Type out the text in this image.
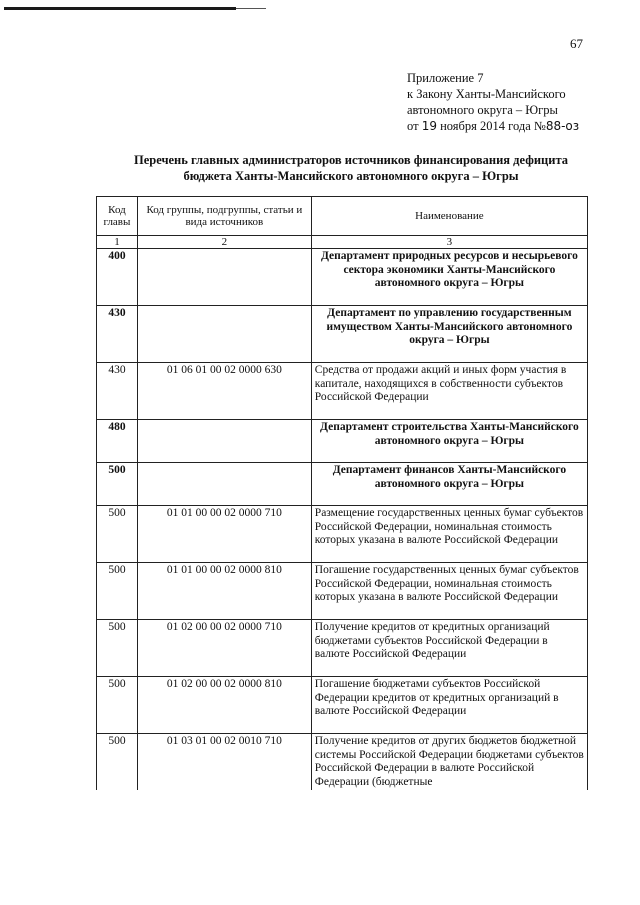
67
Приложение 7
к Закону Ханты-Мансийского
автономного округа – Югры
от 19 ноября 2014 года №88-оз
Перечень главных администраторов источников финансирования дефицита
бюджета Ханты-Мансийского автономного округа – Югры
Код главы	Код группы, подгруппы, статьи и вида источников	Наименование
1	2	3
400		Департамент природных ресурсов и несырьевого сектора экономики Ханты-Мансийского автономного округа – Югры
430		Департамент по управлению государственным имуществом Ханты-Мансийского автономного округа – Югры
430	01 06 01 00 02 0000 630	Средства от продажи акций и иных форм участия в капитале, находящихся в собственности субъектов Российской Федерации
480		Департамент строительства Ханты-Мансийского автономного округа – Югры
500		Департамент финансов Ханты-Мансийского автономного округа – Югры
500	01 01 00 00 02 0000 710	Размещение государственных ценных бумаг субъектов Российской Федерации, номинальная стоимость которых указана в валюте Российской Федерации
500	01 01 00 00 02 0000 810	Погашение государственных ценных бумаг субъектов Российской Федерации, номинальная стоимость которых указана в валюте Российской Федерации
500	01 02 00 00 02 0000 710	Получение кредитов от кредитных организаций бюджетами субъектов Российской Федерации в валюте Российской Федерации
500	01 02 00 00 02 0000 810	Погашение бюджетами субъектов Российской Федерации кредитов от кредитных организаций в валюте Российской Федерации
500	01 03 01 00 02 0010 710	Получение кредитов от других бюджетов бюджетной системы Российской Федерации бюджетами субъектов Российской Федерации в валюте Российской Федерации (бюджетные
